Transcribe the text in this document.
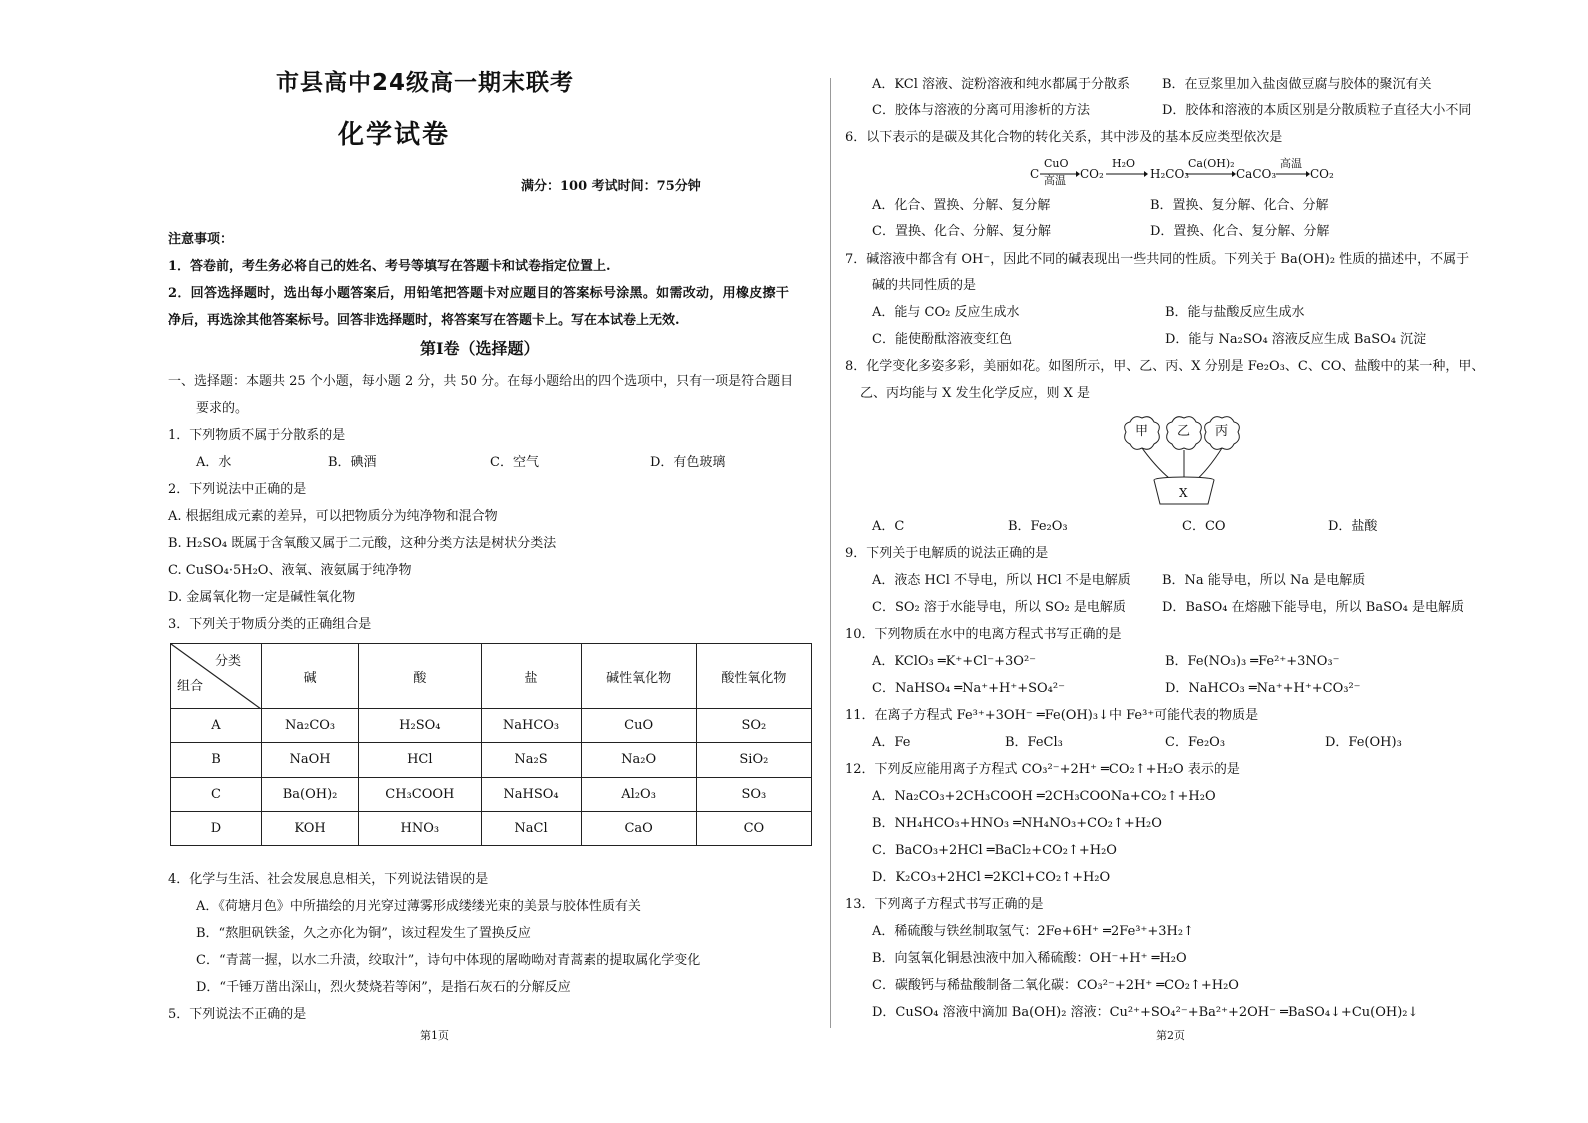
市县高中24级高一期末联考
化学试卷
满分：100 考试时间：75分钟
注意事项：
1．答卷前，考生务必将自己的姓名、考号等填写在答题卡和试卷指定位置上.
2．回答选择题时，选出每小题答案后，用铅笔把答题卡对应题目的答案标号涂黑。如需改动，用橡皮擦干
净后，再选涂其他答案标号。回答非选择题时，将答案写在答题卡上。写在本试卷上无效.
第Ⅰ卷（选择题）
一、选择题：本题共 25 个小题，每小题 2 分，共 50 分。在每小题给出的四个选项中，只有一项是符合题目
要求的。
1．下列物质不属于分散系的是
A．水	B．碘酒	C．空气	D．有色玻璃
2．下列说法中正确的是
A. 根据组成元素的差异，可以把物质分为纯净物和混合物
B. H₂SO₄ 既属于含氧酸又属于二元酸，这种分类方法是树状分类法
C. CuSO₄·5H₂O、液氧、液氨属于纯净物
D. 金属氧化物一定是碱性氧化物
3．下列关于物质分类的正确组合是
分类
组合	碱	酸	盐	碱性氧化物	酸性氧化物
A	Na₂CO₃	H₂SO₄	NaHCO₃	CuO	SO₂
B	NaOH	HCl	Na₂S	Na₂O	SiO₂
C	Ba(OH)₂	CH₃COOH	NaHSO₄	Al₂O₃	SO₃
D	KOH	HNO₃	NaCl	CaO	CO
4．化学与生活、社会发展息息相关，下列说法错误的是
A．《荷塘月色》中所描绘的月光穿过薄雾形成缕缕光束的美景与胶体性质有关
B．“熬胆矾铁釜，久之亦化为铜”，该过程发生了置换反应
C．“青蒿一握，以水二升渍，绞取汁”，诗句中体现的屠呦呦对青蒿素的提取属化学变化
D．“千锤万凿出深山，烈火焚烧若等闲”，是指石灰石的分解反应
5．下列说法不正确的是
第1页
A．KCl 溶液、淀粉溶液和纯水都属于分散系 B．在豆浆里加入盐卤做豆腐与胶体的聚沉有关
C．胶体与溶液的分离可用渗析的方法	D．胶体和溶液的本质区别是分散质粒子直径大小不同
6．以下表示的是碳及其化合物的转化关系，其中涉及的基本反应类型依次是
C
CuO
高温 CO₂
H₂O
H₂CO₃
Ca(OH)₂
CaCO₃
高温
CO₂
A．化合、置换、分解、复分解	B．置换、复分解、化合、分解
C．置换、化合、分解、复分解	D．置换、化合、复分解、分解
7．碱溶液中都含有 OH⁻，因此不同的碱表现出一些共同的性质。下列关于 Ba(OH)₂ 性质的描述中，不属于
碱的共同性质的是
A．能与 CO₂ 反应生成水	B．能与盐酸反应生成水
C．能使酚酞溶液变红色	D．能与 Na₂SO₄ 溶液反应生成 BaSO₄ 沉淀
8．化学变化多姿多彩，美丽如花。如图所示，甲、乙、丙、X 分别是 Fe₂O₃、C、CO、盐酸中的某一种，甲、
乙、丙均能与 X 发生化学反应，则 X 是
甲 乙 丙
X
A．C	B．Fe₂O₃	C．CO	D．盐酸
9．下列关于电解质的说法正确的是
A．液态 HCl 不导电，所以 HCl 不是电解质 B．Na 能导电，所以 Na 是电解质
C．SO₂ 溶于水能导电，所以 SO₂ 是电解质	D．BaSO₄ 在熔融下能导电，所以 BaSO₄ 是电解质
10．下列物质在水中的电离方程式书写正确的是
A．KClO₃ ═K⁺+Cl⁻+3O²⁻	B．Fe(NO₃)₃ ═Fe²⁺+3NO₃⁻
C．NaHSO₄ ═Na⁺+H⁺+SO₄²⁻	D．NaHCO₃ ═Na⁺+H⁺+CO₃²⁻
11．在离子方程式 Fe³⁺+3OH⁻ ═Fe(OH)₃↓中 Fe³⁺可能代表的物质是
A．Fe	B．FeCl₃	C．Fe₂O₃	D．Fe(OH)₃
12．下列反应能用离子方程式 CO₃²⁻+2H⁺ ═CO₂↑+H₂O 表示的是
A．Na₂CO₃+2CH₃COOH ═2CH₃COONa+CO₂↑+H₂O
B．NH₄HCO₃+HNO₃ ═NH₄NO₃+CO₂↑+H₂O
C．BaCO₃+2HCl ═BaCl₂+CO₂↑+H₂O
D．K₂CO₃+2HCl ═2KCl+CO₂↑+H₂O
13．下列离子方程式书写正确的是
A．稀硫酸与铁丝制取氢气：2Fe+6H⁺ ═2Fe³⁺+3H₂↑
B．向氢氧化铜悬浊液中加入稀硫酸：OH⁻+H⁺ ═H₂O
C．碳酸钙与稀盐酸制备二氧化碳：CO₃²⁻+2H⁺ ═CO₂↑+H₂O
D．CuSO₄ 溶液中滴加 Ba(OH)₂ 溶液：Cu²⁺+SO₄²⁻+Ba²⁺+2OH⁻ ═BaSO₄↓+Cu(OH)₂↓
第2页
